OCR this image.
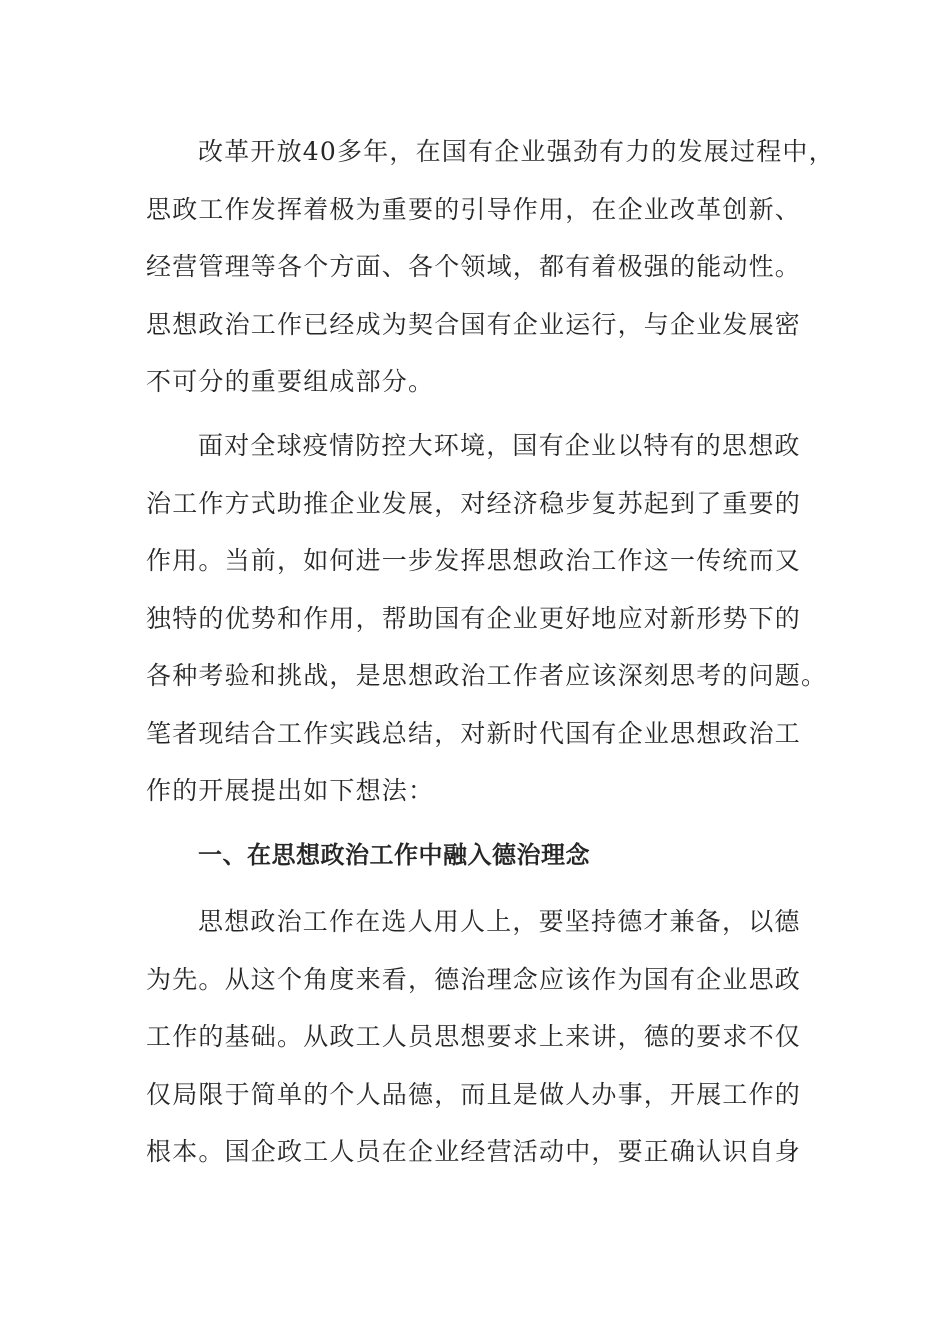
改革开放40多年，在国有企业强劲有力的发展过程中，
思政工作发挥着极为重要的引导作用，在企业改革创新、
经营管理等各个方面、各个领域，都有着极强的能动性。
思想政治工作已经成为契合国有企业运行，与企业发展密
不可分的重要组成部分。
面对全球疫情防控大环境，国有企业以特有的思想政
治工作方式助推企业发展，对经济稳步复苏起到了重要的
作用。当前，如何进一步发挥思想政治工作这一传统而又
独特的优势和作用，帮助国有企业更好地应对新形势下的
各种考验和挑战，是思想政治工作者应该深刻思考的问题。
笔者现结合工作实践总结，对新时代国有企业思想政治工
作的开展提出如下想法：
一、在思想政治工作中融入德治理念
思想政治工作在选人用人上，要坚持德才兼备，以德
为先。从这个角度来看，德治理念应该作为国有企业思政
工作的基础。从政工人员思想要求上来讲，德的要求不仅
仅局限于简单的个人品德，而且是做人办事，开展工作的
根本。国企政工人员在企业经营活动中，要正确认识自身
